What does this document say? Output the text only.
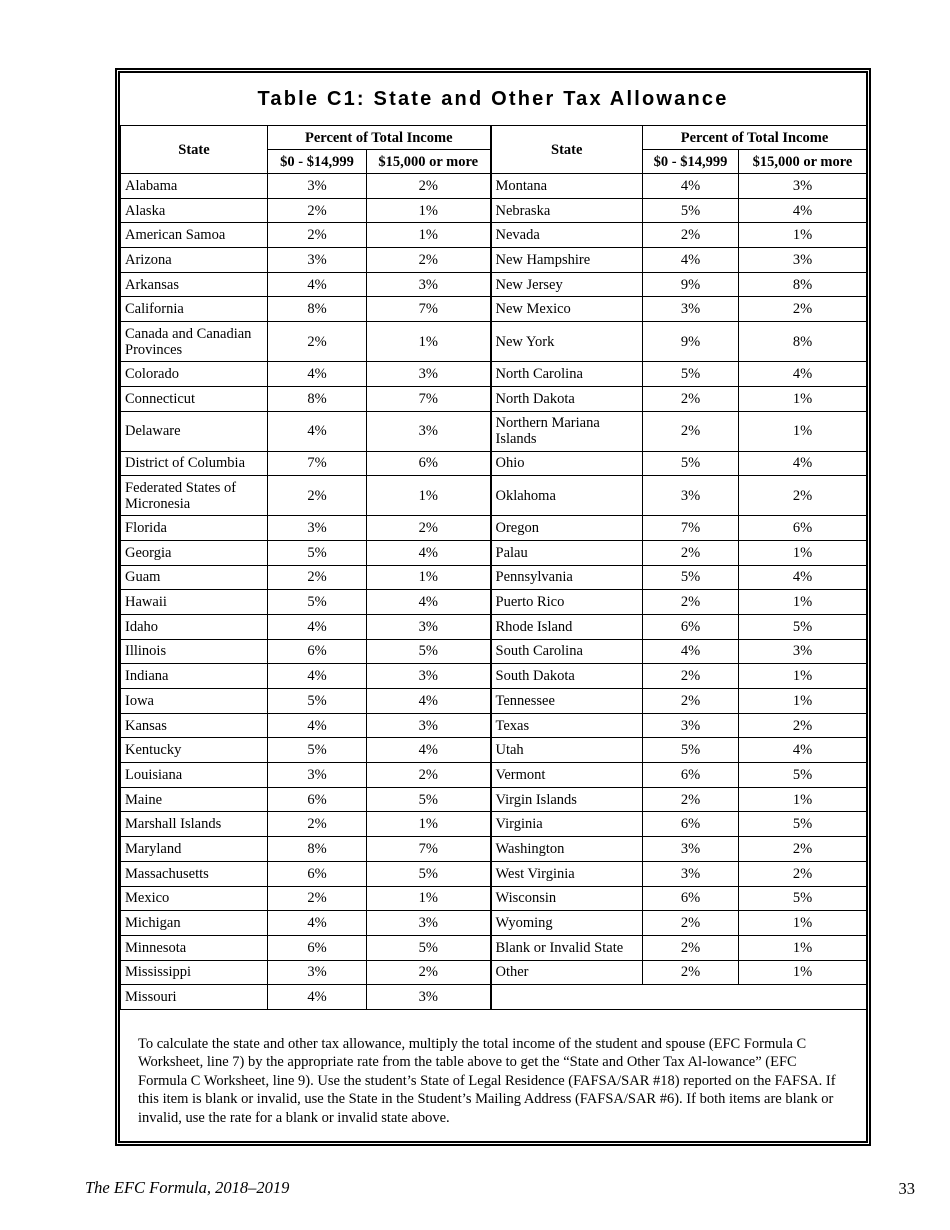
Table C1: State and Other Tax Allowance
State	Percent of Total Income		State	Percent of Total Income	
	$0 - $14,999	$15,000 or more		$0 - $14,999	$15,000 or more
Alabama	3%	2%	Montana	4%	3%
Alaska	2%	1%	Nebraska	5%	4%
American Samoa	2%	1%	Nevada	2%	1%
Arizona	3%	2%	New Hampshire	4%	3%
Arkansas	4%	3%	New Jersey	9%	8%
California	8%	7%	New Mexico	3%	2%
Canada and Canadian Provinces	2%	1%	New York	9%	8%
Colorado	4%	3%	North Carolina	5%	4%
Connecticut	8%	7%	North Dakota	2%	1%
Delaware	4%	3%	Northern Mariana Islands	2%	1%
District of Columbia	7%	6%	Ohio	5%	4%
Federated States of Micronesia	2%	1%	Oklahoma	3%	2%
Florida	3%	2%	Oregon	7%	6%
Georgia	5%	4%	Palau	2%	1%
Guam	2%	1%	Pennsylvania	5%	4%
Hawaii	5%	4%	Puerto Rico	2%	1%
Idaho	4%	3%	Rhode Island	6%	5%
Illinois	6%	5%	South Carolina	4%	3%
Indiana	4%	3%	South Dakota	2%	1%
Iowa	5%	4%	Tennessee	2%	1%
Kansas	4%	3%	Texas	3%	2%
Kentucky	5%	4%	Utah	5%	4%
Louisiana	3%	2%	Vermont	6%	5%
Maine	6%	5%	Virgin Islands	2%	1%
Marshall Islands	2%	1%	Virginia	6%	5%
Maryland	8%	7%	Washington	3%	2%
Massachusetts	6%	5%	West Virginia	3%	2%
Mexico	2%	1%	Wisconsin	6%	5%
Michigan	4%	3%	Wyoming	2%	1%
Minnesota	6%	5%	Blank or Invalid State	2%	1%
Mississippi	3%	2%	Other	2%	1%
Missouri	4%	3%			
To calculate the state and other tax allowance, multiply the total income of the student and spouse (EFC Formula C Worksheet, line 7) by the appropriate rate from the table above to get the “State and Other Tax Al-lowance” (EFC Formula C Worksheet, line 9). Use the student’s State of Legal Residence (FAFSA/SAR #18) reported on the FAFSA. If this item is blank or invalid, use the State in the Student’s Mailing Address (FAFSA/SAR #6). If both items are blank or invalid, use the rate for a blank or invalid state above.
The EFC Formula, 2018–2019	33
